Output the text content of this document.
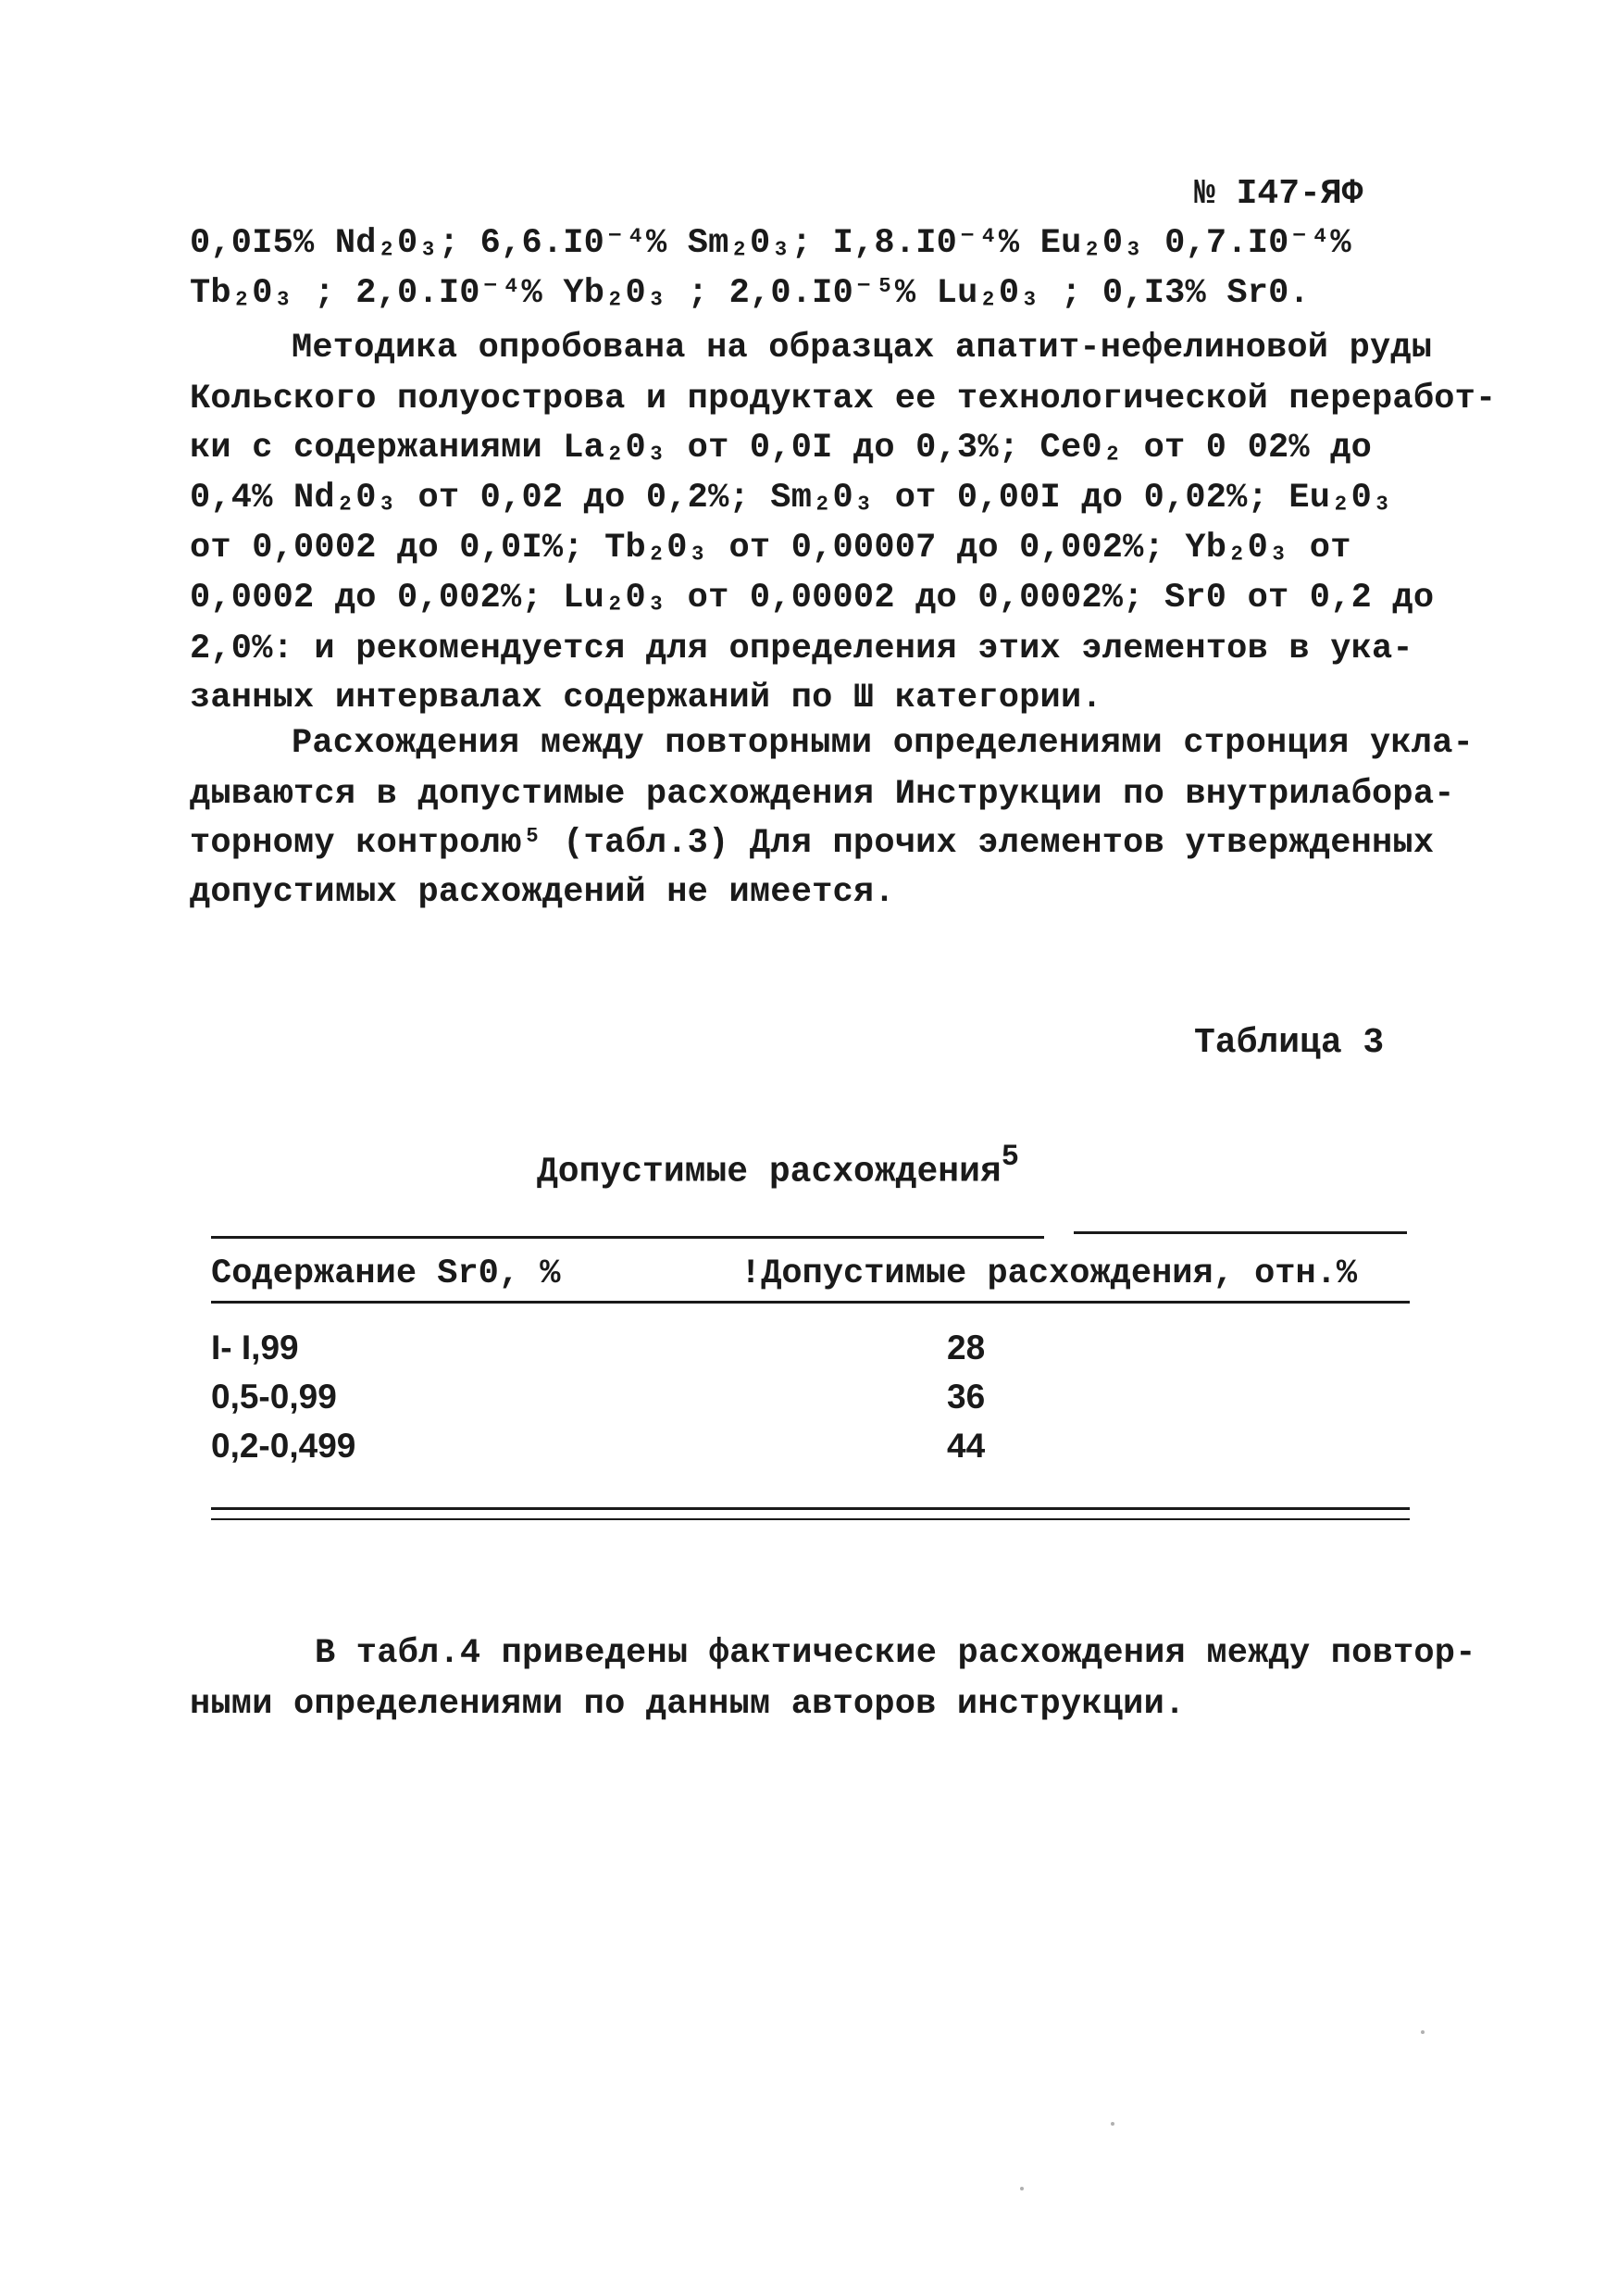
№ I47-ЯФ
0,0I5% Nd₂0₃; 6,6.I0⁻⁴% Sm₂0₃; I,8.I0⁻⁴% Eu₂0₃ 0,7.I0⁻⁴%
Tb₂0₃ ; 2,0.I0⁻⁴% Yb₂0₃ ; 2,0.I0⁻⁵% Lu₂0₃ ; 0,I3% Sr0.
Методика опробована на образцах апатит-нефелиновой руды
Кольского полуострова и продуктах ее технологической переработ-
ки с содержаниями La₂0₃ от 0,0I до 0,3%; Ce0₂ от 0 02% до
0,4% Nd₂0₃ от 0,02 до 0,2%; Sm₂0₃ от 0,00I до 0,02%; Eu₂0₃
от 0,0002 до 0,0I%; Tb₂0₃ от 0,00007 до 0,002%; Yb₂0₃ от
0,0002 до 0,002%; Lu₂0₃ от 0,00002 до 0,0002%; Sr0 от 0,2 до
2,0%: и рекомендуется для определения этих элементов в ука-
занных интервалах содержаний по Ш категории.
Расхождения между повторными определениями стронция укла-
дываются в допустимые расхождения Инструкции по внутрилабора-
торному контролю⁵ (табл.3) Для прочих элементов утвержденных
допустимых расхождений не имеется.
Таблица 3
Допустимые расхождения$^5$
Содержание Sr0, %	!Допустимые расхождения, отн.%
I- I,99	28
0,5-0,99	36
0,2-0,499	44
В табл.4 приведены фактические расхождения между повтор-
ными определениями по данным авторов инструкции.
